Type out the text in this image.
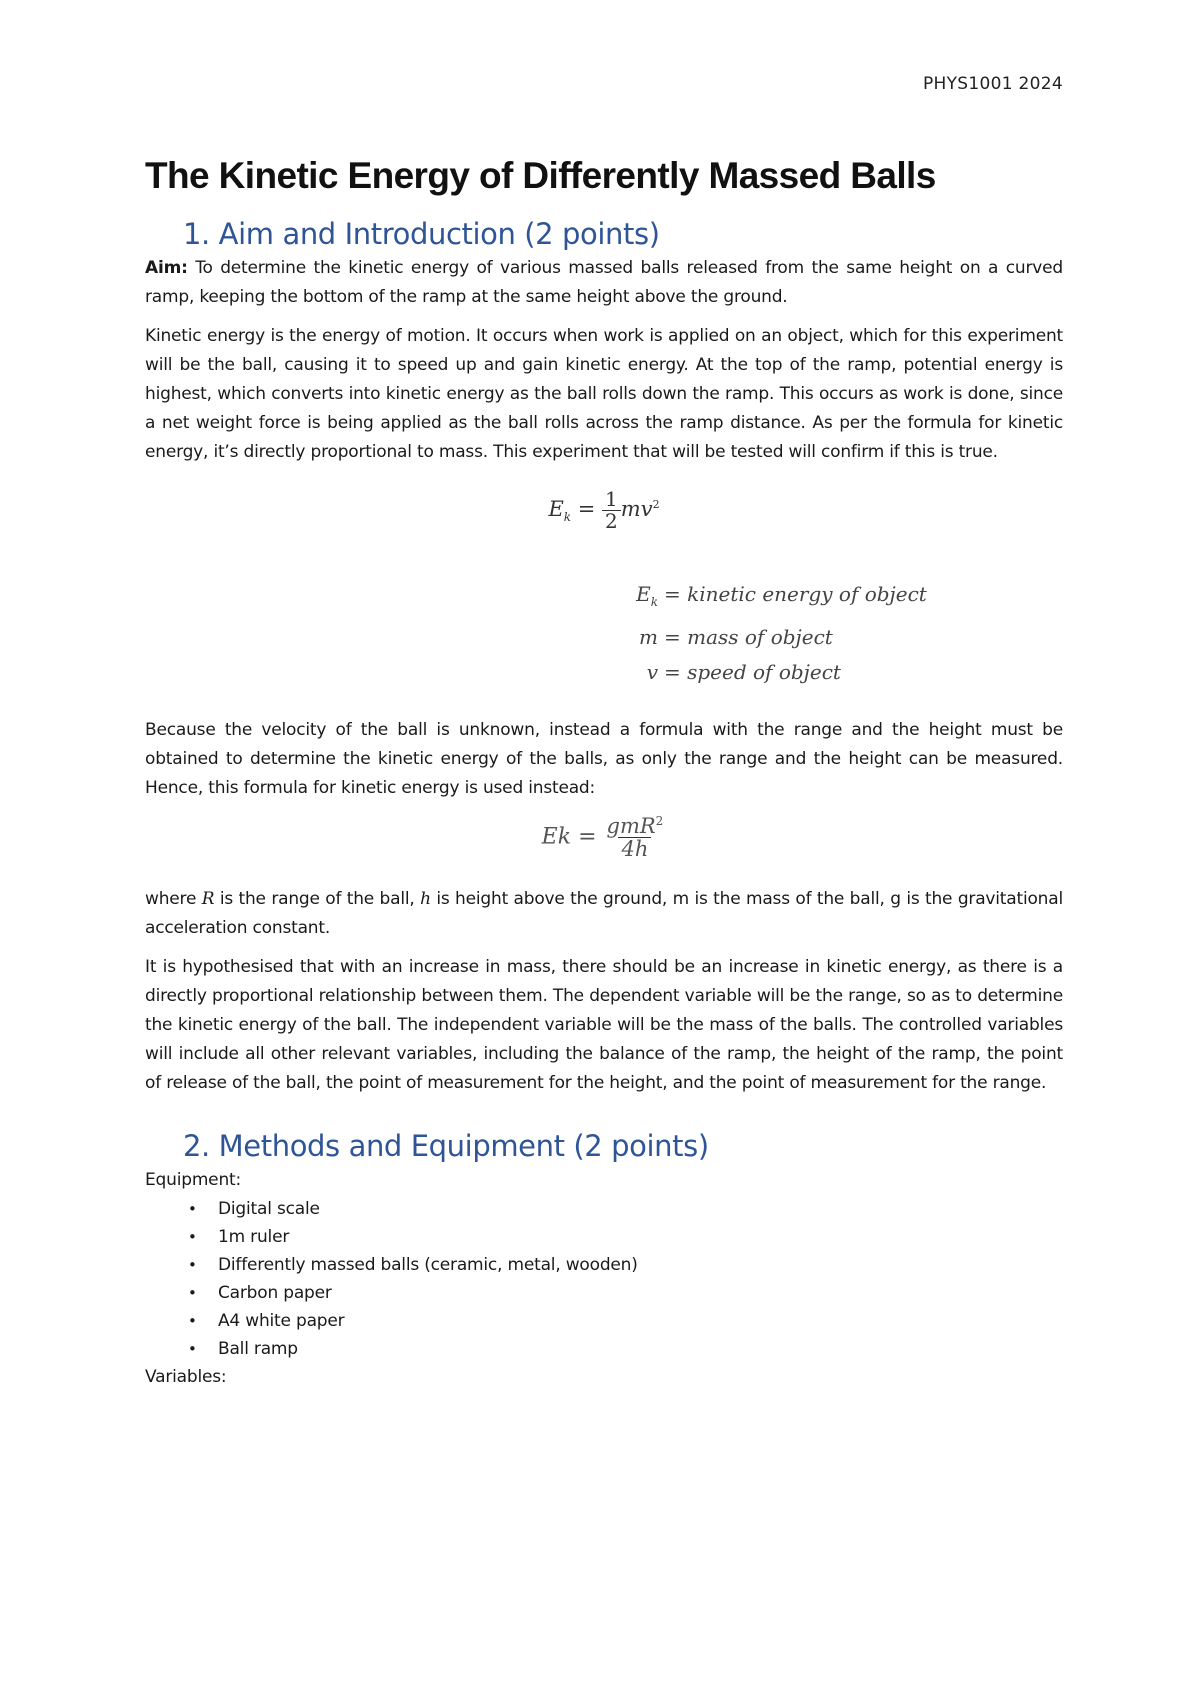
PHYS1001 2024
The Kinetic Energy of Differently Massed Balls
1. Aim and Introduction (2 points)

Aim: To determine the kinetic energy of various massed balls released from the same height on a curved ramp, keeping the bottom of the ramp at the same height above the ground.

Kinetic energy is the energy of motion. It occurs when work is applied on an object, which for this experiment will be the ball, causing it to speed up and gain kinetic energy. At the top of the ramp, potential energy is highest, which converts into kinetic energy as the ball rolls down the ramp. This occurs as work is done, since a net weight force is being applied as the ball rolls across the ramp distance. As per the formula for kinetic energy, it’s directly proportional to mass. This experiment that will be tested will confirm if this is true.

$E_k = \frac{1}{2} mv^2$
$E_k$ = kinetic energy of object
m = mass of object
v = speed of object

Because the velocity of the ball is unknown, instead a formula with the range and the height must be obtained to determine the kinetic energy of the balls, as only the range and the height can be measured. Hence, this formula for kinetic energy is used instead:

$Ek = \frac{gmR^2}{4h}$

where R is the range of the ball, h is height above the ground, m is the mass of the ball, g is the gravitational acceleration constant.

It is hypothesised that with an increase in mass, there should be an increase in kinetic energy, as there is a directly proportional relationship between them. The dependent variable will be the range, so as to determine the kinetic energy of the ball. The independent variable will be the mass of the balls. The controlled variables will include all other relevant variables, including the balance of the ramp, the height of the ramp, the point of release of the ball, the point of measurement for the height, and the point of measurement for the range.

2. Methods and Equipment (2 points)

Equipment:

• Digital scale
• 1m ruler
• Differently massed balls (ceramic, metal, wooden)
• Carbon paper
• A4 white paper
• Ball ramp

Variables:
